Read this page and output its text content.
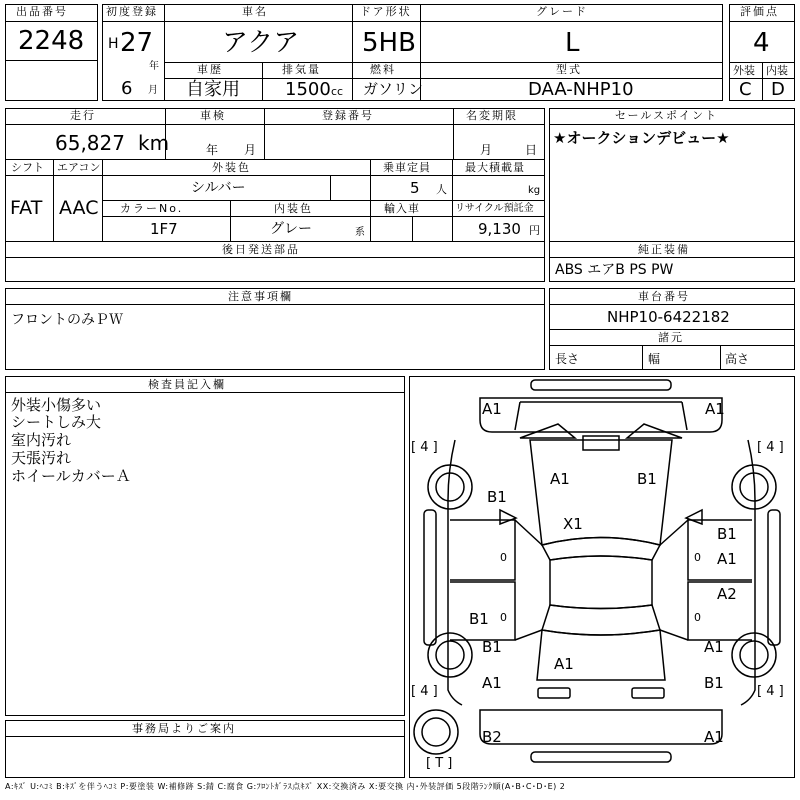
出品番号
2248
初度登録
H 27
年
6 月
車名
アクア
ドア形状
5HB
グレード
L
車歴
自家用
排気量
1500 cc
燃料
ガソリン
型式
DAA-NHP10
評価点
4
外装 内装
C D
走行
65,827 km
車検
年 月
登録番号	名変期限
月	日
シフト
FAT
エアコン
AAC
外装色
シルバー
乗車定員
5 人
最大積載量
kg
カラーNo.
1F7
内装色
グレー	系
輸入車	リサイクル預託金
9,130 円
後日発送部品
セールスポイント
★オークションデビュー★
純正装備
ABS エアB PS PW
注意事項欄
フロントのみＰＷ
車台番号
NHP10-6422182
諸元
長さ	幅	高さ
検査員記入欄
外装小傷多い
シートしみ大
室内汚れ
天張汚れ
ホイールカバーＡ
事務局よりご案内
A1	A1
A1	B1
B1
X1
B1
A1
A2
B1
B1	A1
A1
A1	B1
B2	A1
[ 4 ]	[ 4 ]
[ 4 ]	[ 4 ]
[ T ]
0	0
0	0
A:ｷｽﾞ U:ﾍｺﾐ B:ｷｽﾞを伴うﾍｺﾐ P:要塗装 W:補修跡 S:錆 C:腐食 G:ﾌﾛﾝﾄｶﾞﾗｽ点ｷｽﾞ XX:交換済み X:要交換 内･外装評価 5段階ﾗﾝｸ順(A･B･C･D･E) 2
